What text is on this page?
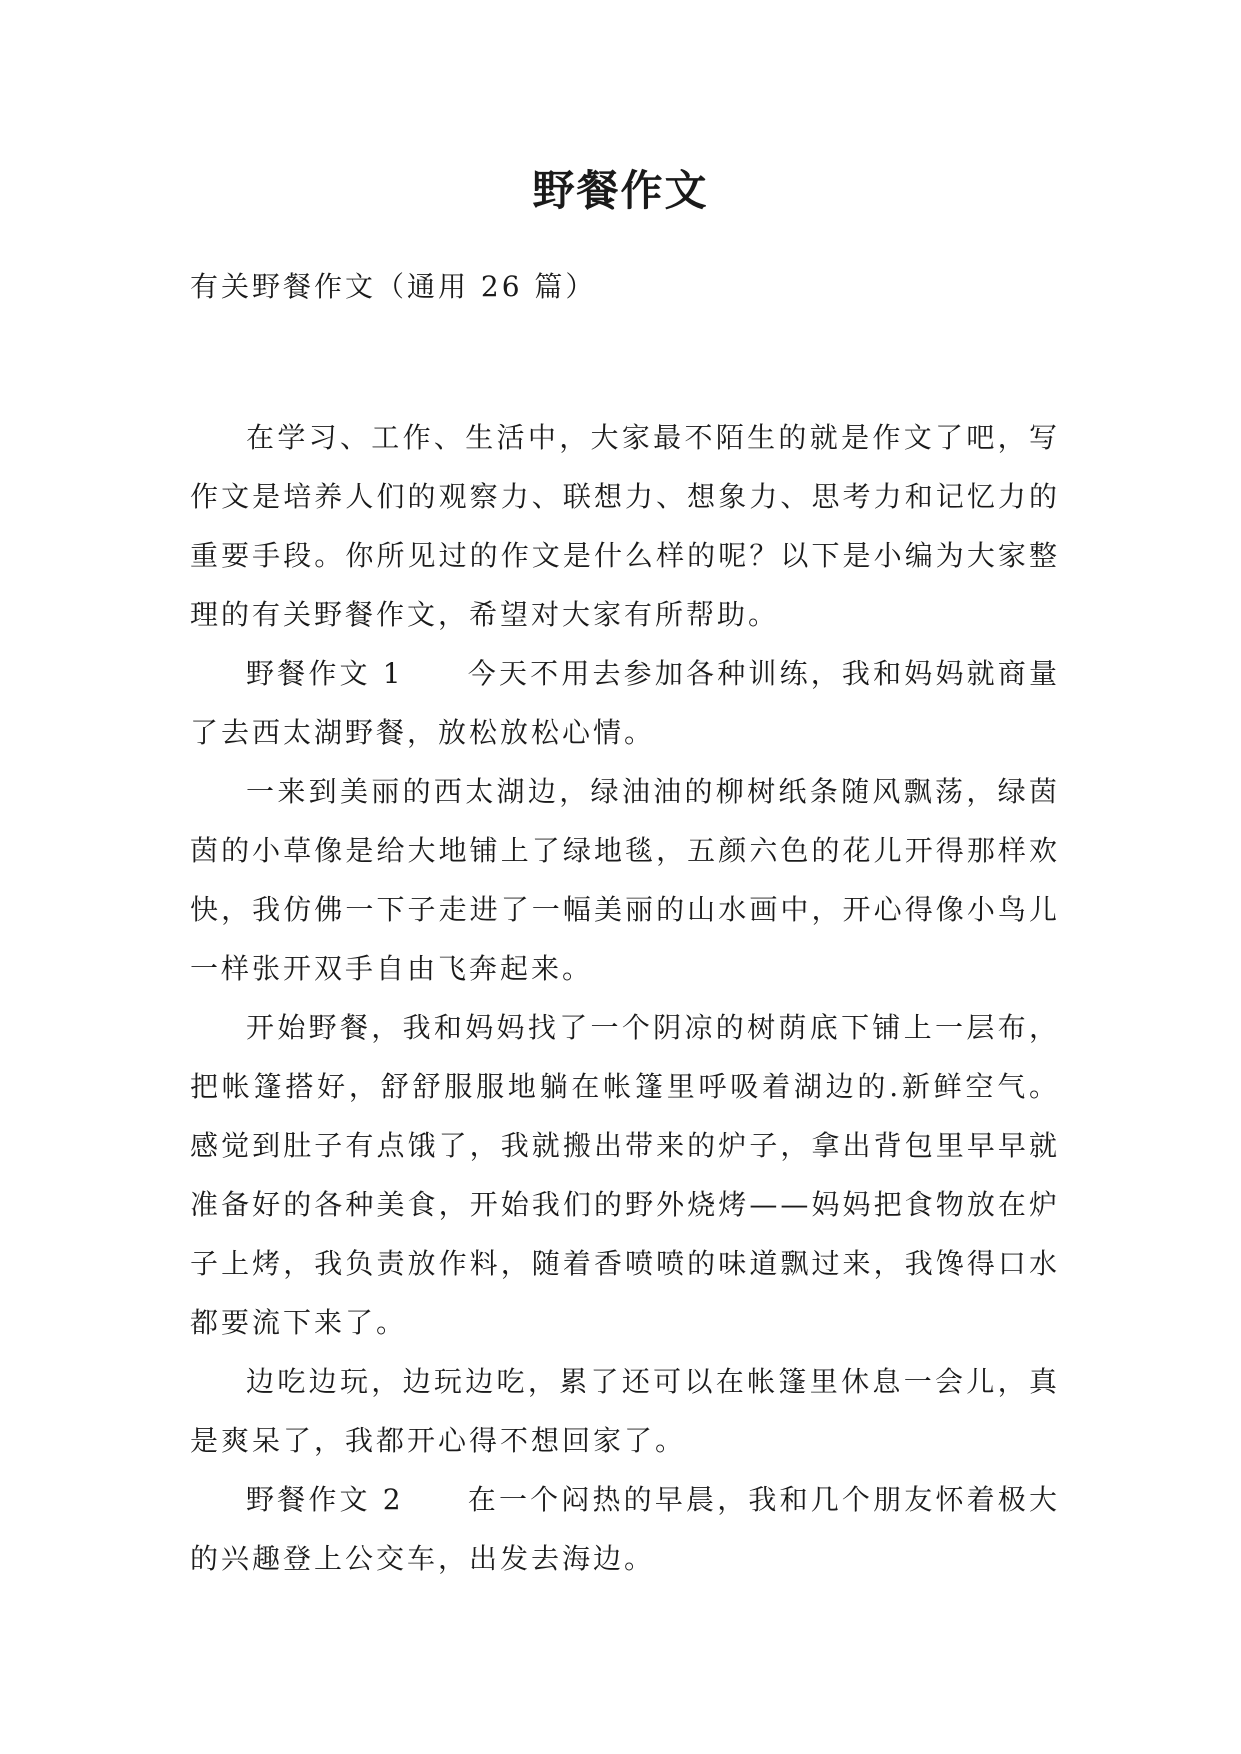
野餐作文

有关野餐作文（通用 26 篇）

在学习、工作、生活中，大家最不陌生的就是作文了吧，写作文是培养人们的观察力、联想力、想象力、思考力和记忆力的重要手段。你所见过的作文是什么样的呢？以下是小编为大家整理的有关野餐作文，希望对大家有所帮助。

野餐作文 1 今天不用去参加各种训练，我和妈妈就商量了去西太湖野餐，放松放松心情。

一来到美丽的西太湖边，绿油油的柳树纸条随风飘荡，绿茵茵的小草像是给大地铺上了绿地毯，五颜六色的花儿开得那样欢快，我仿佛一下子走进了一幅美丽的山水画中，开心得像小鸟儿一样张开双手自由飞奔起来。

开始野餐，我和妈妈找了一个阴凉的树荫底下铺上一层布，把帐篷搭好，舒舒服服地躺在帐篷里呼吸着湖边的.新鲜空气。感觉到肚子有点饿了，我就搬出带来的炉子，拿出背包里早早就准备好的各种美食，开始我们的野外烧烤——妈妈把食物放在炉子上烤，我负责放作料，随着香喷喷的味道飘过来，我馋得口水都要流下来了。

边吃边玩，边玩边吃，累了还可以在帐篷里休息一会儿，真是爽呆了，我都开心得不想回家了。

野餐作文 2 在一个闷热的早晨，我和几个朋友怀着极大的兴趣登上公交车，出发去海边。
